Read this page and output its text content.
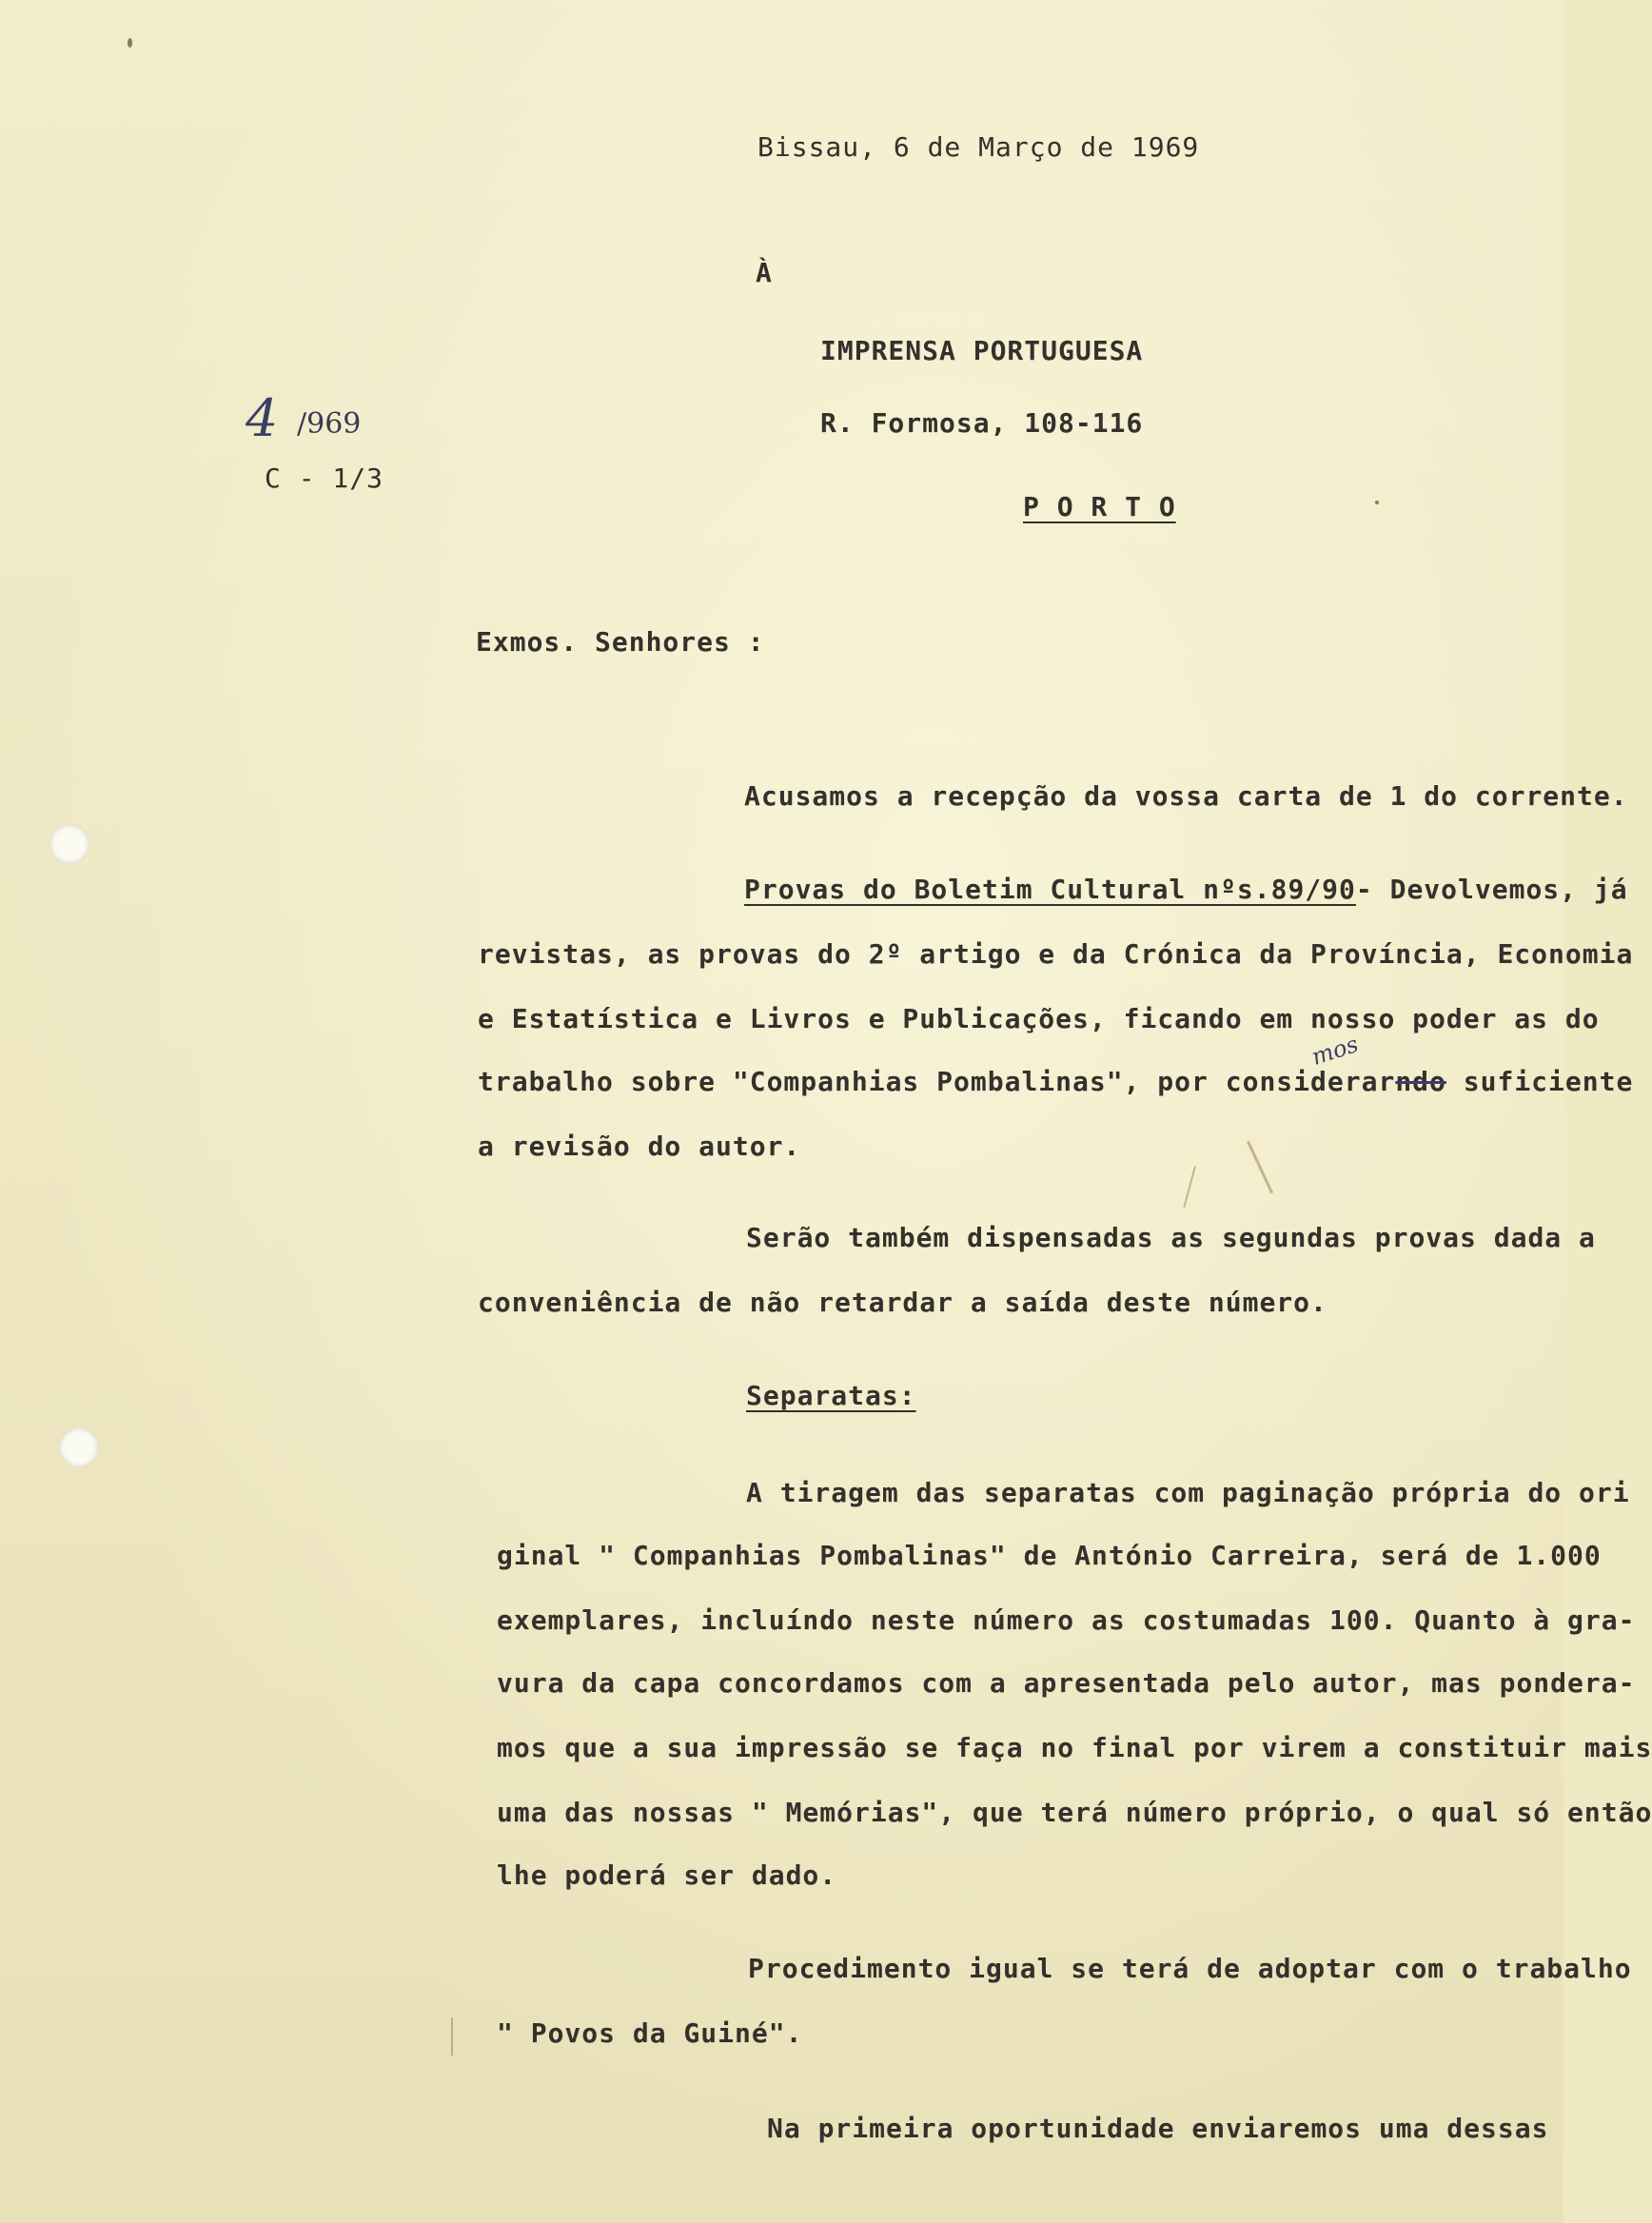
Bissau, 6 de Março de 1969
À
IMPRENSA PORTUGUESA
R. Formosa, 108-116
P O R T O
4 /969
C - 1/3
Exmos. Senhores :
Acusamos a recepção da vossa carta de 1 do corrente.
Provas do Boletim Cultural nºs.89/90- Devolvemos, já
revistas, as provas do 2º artigo e da Crónica da Província, Economia
e Estatística e Livros e Publicações, ficando em nosso poder as do
trabalho sobre "Companhias Pombalinas", por considerarndo suficiente
mos
a revisão do autor.
Serão também dispensadas as segundas provas dada a
conveniência de não retardar a saída deste número.
Separatas:
A tiragem das separatas com paginação própria do ori
ginal " Companhias Pombalinas" de António Carreira, será de 1.000
exemplares, incluíndo neste número as costumadas 100. Quanto à gra-
vura da capa concordamos com a apresentada pelo autor, mas pondera-
mos que a sua impressão se faça no final por virem a constituir mais
uma das nossas " Memórias", que terá número próprio, o qual só então
lhe poderá ser dado.
Procedimento igual se terá de adoptar com o trabalho
" Povos da Guiné".
Na primeira oportunidade enviaremos uma dessas
